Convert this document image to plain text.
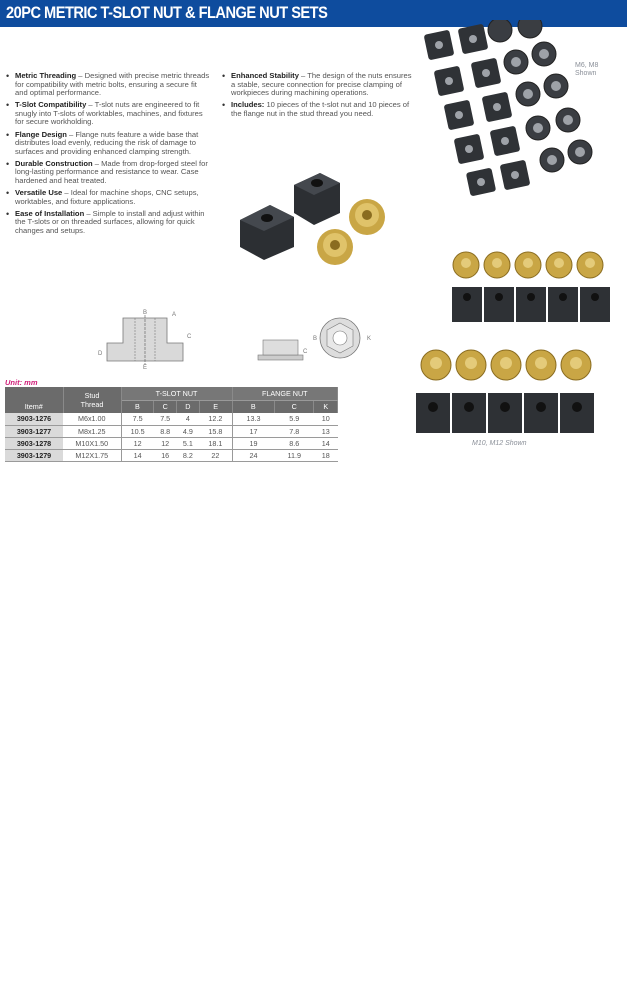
20PC METRIC T-SLOT NUT & FLANGE NUT SETS
• Metric Threading – Designed with precise metric threads for compatibility with metric bolts, ensuring a secure fit and optimal performance.
• T-Slot Compatibility – T-slot nuts are engineered to fit snugly into T-slots of worktables, machines, and fixtures for secure workholding.
• Flange Design – Flange nuts feature a wide base that distributes load evenly, reducing the risk of damage to surfaces and providing enhanced clamping strength.
• Durable Construction – Made from drop-forged steel for long-lasting performance and resistance to wear. Case hardened and heat treated.
• Versatile Use – Ideal for machine shops, CNC setups, worktables, and fixture applications.
• Ease of Installation – Simple to install and adjust within the T-slots or on threaded surfaces, allowing for quick changes and setups.
• Enhanced Stability – The design of the nuts ensures a stable, secure connection for precise clamping of workpieces during machining operations.
• Includes: 10 pieces of the t-slot nut and 10 pieces of the flange nut in the stud thread you need.
M6, M8
Shown
M10, M12 Shown
B	A
C
D
E
B
C
K
Unit: mm
Item#	Stud
Thread	T-SLOT NUT				FLANGE NUT		
		B	C	D	E	B	C	K
3903-1276	M6x1.00	7.5	7.5	4	12.2	13.3	5.9	10
3903-1277	M8x1.25	10.5	8.8	4.9	15.8	17	7.8	13
3903-1278	M10X1.50	12	12	5.1	18.1	19	8.6	14
3903-1279	M12X1.75	14	16	8.2	22	24	11.9	18
